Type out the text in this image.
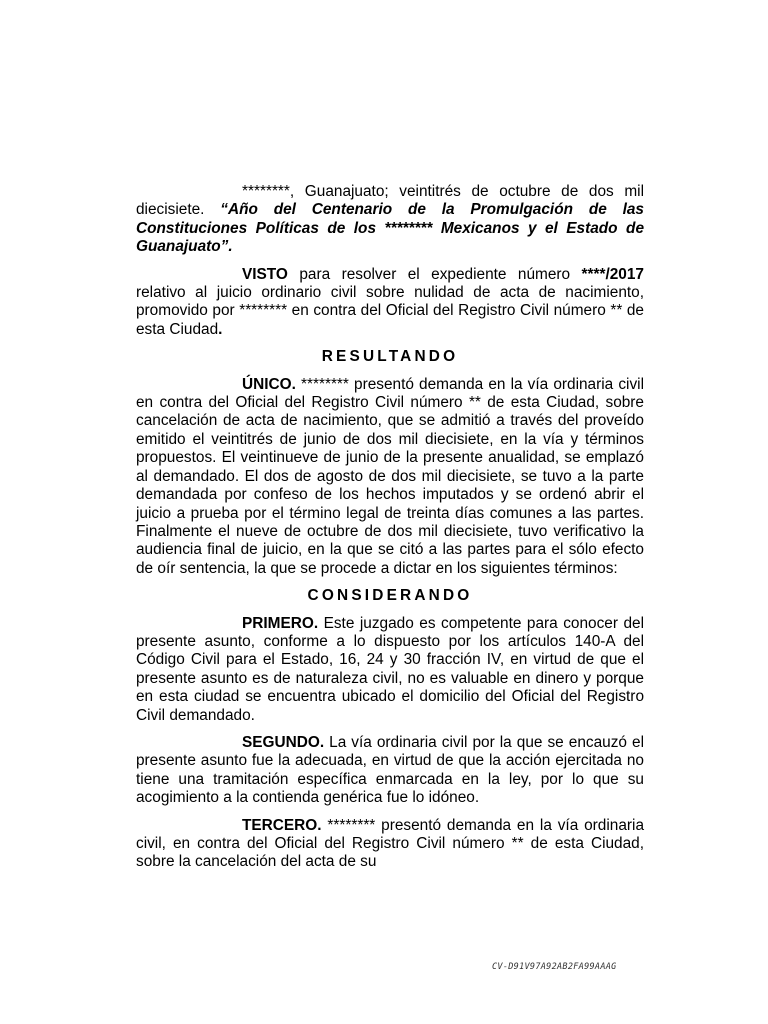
********, Guanajuato; veintitrés de octubre de dos mil diecisiete. “Año del Centenario de la Promulgación de las Constituciones Políticas de los ******** Mexicanos y el Estado de Guanajuato”.

VISTO para resolver el expediente número ****/2017 relativo al juicio ordinario civil sobre nulidad de acta de nacimiento, promovido por ******** en contra del Oficial del Registro Civil número ** de esta Ciudad.

RESULTANDO

ÚNICO. ******** presentó demanda en la vía ordinaria civil en contra del Oficial del Registro Civil número ** de esta Ciudad, sobre cancelación de acta de nacimiento, que se admitió a través del proveído emitido el veintitrés de junio de dos mil diecisiete, en la vía y términos propuestos. El veintinueve de junio de la presente anualidad, se emplazó al demandado. El dos de agosto de dos mil diecisiete, se tuvo a la parte demandada por confeso de los hechos imputados y se ordenó abrir el juicio a prueba por el término legal de treinta días comunes a las partes. Finalmente el nueve de octubre de dos mil diecisiete, tuvo verificativo la audiencia final de juicio, en la que se citó a las partes para el sólo efecto de oír sentencia, la que se procede a dictar en los siguientes términos:

CONSIDERANDO

PRIMERO. Este juzgado es competente para conocer del presente asunto, conforme a lo dispuesto por los artículos 140-A del Código Civil para el Estado, 16, 24 y 30 fracción IV, en virtud de que el presente asunto es de naturaleza civil, no es valuable en dinero y porque en esta ciudad se encuentra ubicado el domicilio del Oficial del Registro Civil demandado.

SEGUNDO. La vía ordinaria civil por la que se encauzó el presente asunto fue la adecuada, en virtud de que la acción ejercitada no tiene una tramitación específica enmarcada en la ley, por lo que su acogimiento a la contienda genérica fue lo idóneo.

TERCERO. ******** presentó demanda en la vía ordinaria civil, en contra del Oficial del Registro Civil número ** de esta Ciudad, sobre la cancelación del acta de su

CV-D91V97A92AB2FA99AAAG
